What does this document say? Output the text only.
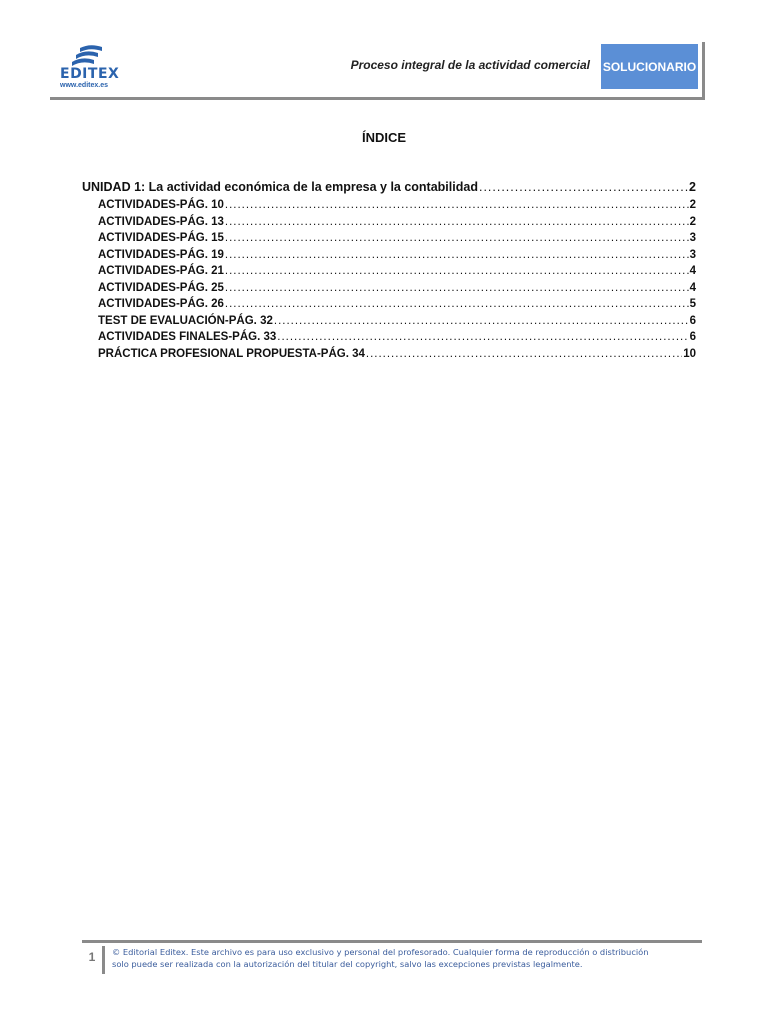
EDITEX
www.editex.es
Proceso integral de la actividad comercial SOLUCIONARIO
ÍNDICE
UNIDAD 1: La actividad económica de la empresa y la contabilidad .....	2
ACTIVIDADES-PÁG. 10 .....	2
ACTIVIDADES-PÁG. 13 .....	2
ACTIVIDADES-PÁG. 15 .....	3
ACTIVIDADES-PÁG. 19 .....	3
ACTIVIDADES-PÁG. 21 .....	4
ACTIVIDADES-PÁG. 25 .....	4
ACTIVIDADES-PÁG. 26 .....	5
TEST DE EVALUACIÓN-PÁG. 32 .....	6
ACTIVIDADES FINALES-PÁG. 33 .....	6
PRÁCTICA PROFESIONAL PROPUESTA-PÁG. 34 .....	10
1	© Editorial Editex. Este archivo es para uso exclusivo y personal del profesorado. Cualquier forma de reproducción o distribución
solo puede ser realizada con la autorización del titular del copyright, salvo las excepciones previstas legalmente.
